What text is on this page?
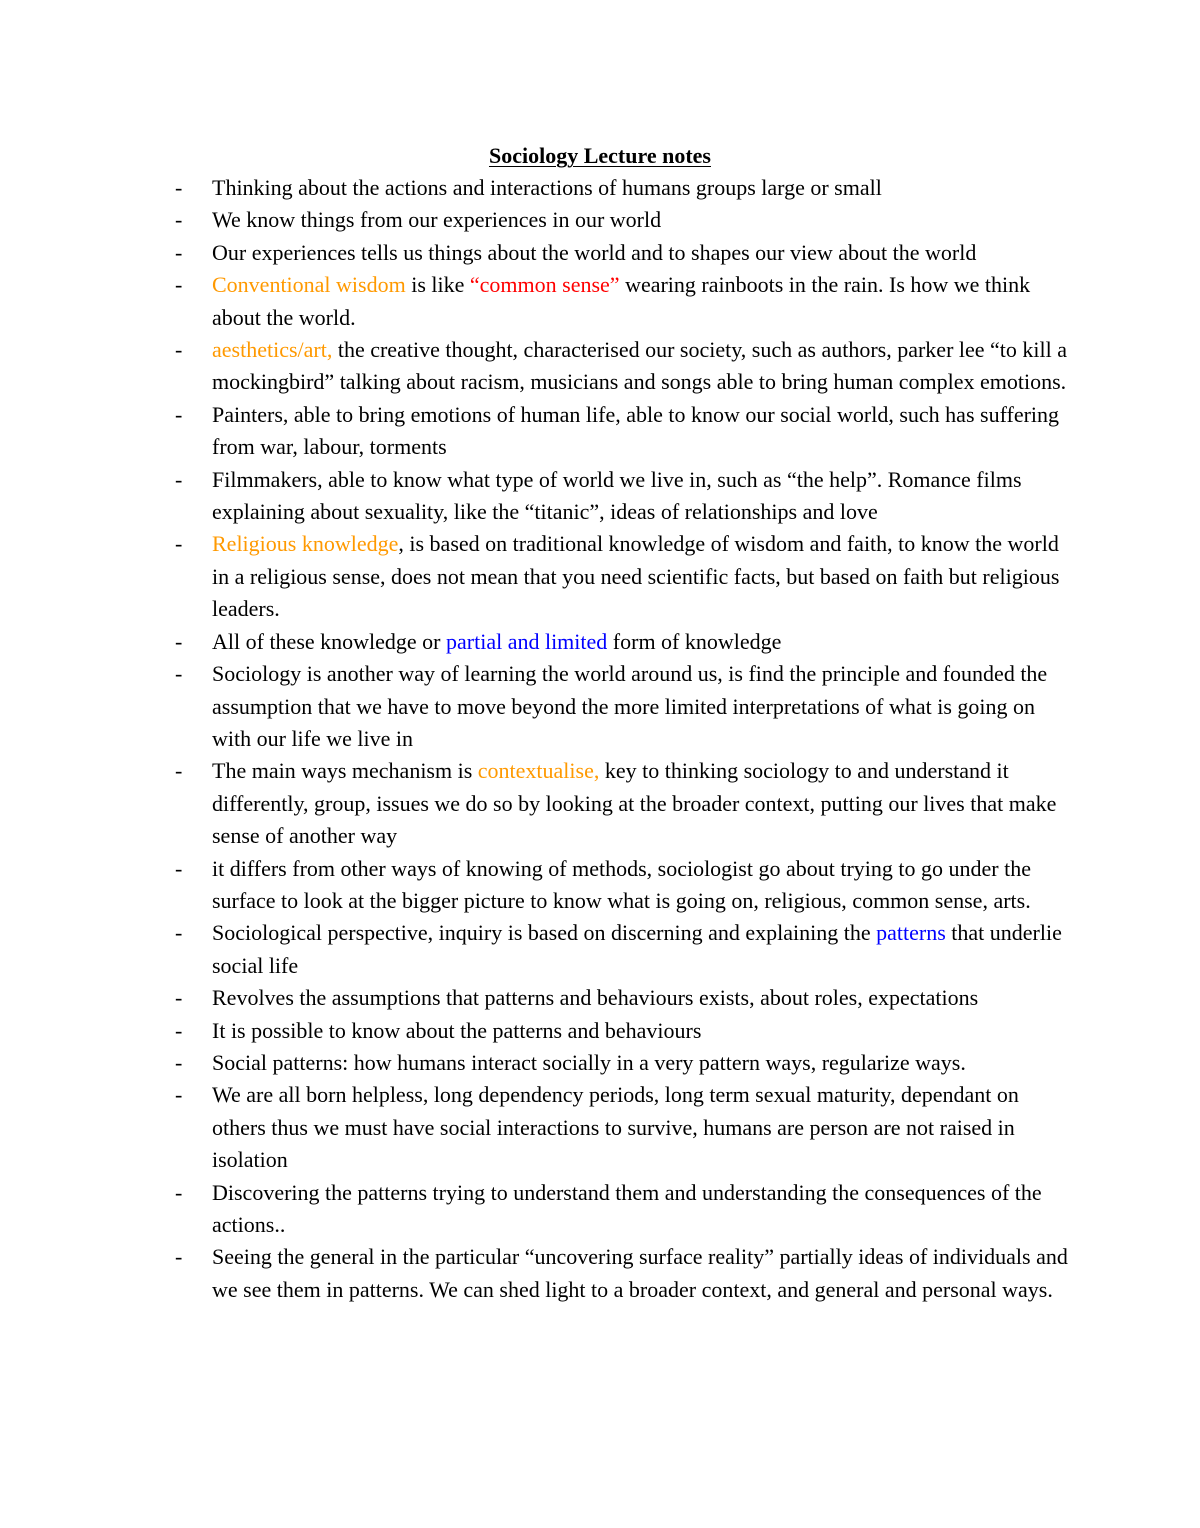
Sociology Lecture notes
-	Thinking about the actions and interactions of humans groups large or small
-	We know things from our experiences in our world
-	Our experiences tells us things about the world and to shapes our view about the world
-	Conventional wisdom is like “common sense” wearing rainboots in the rain. Is how we think about the world.
-	aesthetics/art, the creative thought, characterised our society, such as authors, parker lee “to kill a mockingbird” talking about racism, musicians and songs able to bring human complex emotions.
-	Painters, able to bring emotions of human life, able to know our social world, such has suffering from war, labour, torments
-	Filmmakers, able to know what type of world we live in, such as “the help”. Romance films explaining about sexuality, like the “titanic”, ideas of relationships and love
-	Religious knowledge, is based on traditional knowledge of wisdom and faith, to know the world in a religious sense, does not mean that you need scientific facts, but based on faith but religious leaders.
-	All of these knowledge or partial and limited form of knowledge
-	Sociology is another way of learning the world around us, is find the principle and founded the assumption that we have to move beyond the more limited interpretations of what is going on with our life we live in
-	The main ways mechanism is contextualise, key to thinking sociology to and understand it differently, group, issues we do so by looking at the broader context, putting our lives that make sense of another way
-	it differs from other ways of knowing of methods, sociologist go about trying to go under the surface to look at the bigger picture to know what is going on, religious, common sense, arts.
-	Sociological perspective, inquiry is based on discerning and explaining the patterns that underlie social life
-	Revolves the assumptions that patterns and behaviours exists, about roles, expectations
-	It is possible to know about the patterns and behaviours
-	Social patterns: how humans interact socially in a very pattern ways, regularize ways.
-	We are all born helpless, long dependency periods, long term sexual maturity, dependant on others thus we must have social interactions to survive, humans are person are not raised in isolation
-	Discovering the patterns trying to understand them and understanding the consequences of the actions..
-	Seeing the general in the particular “uncovering surface reality” partially ideas of individuals and we see them in patterns. We can shed light to a broader context, and general and personal ways.
